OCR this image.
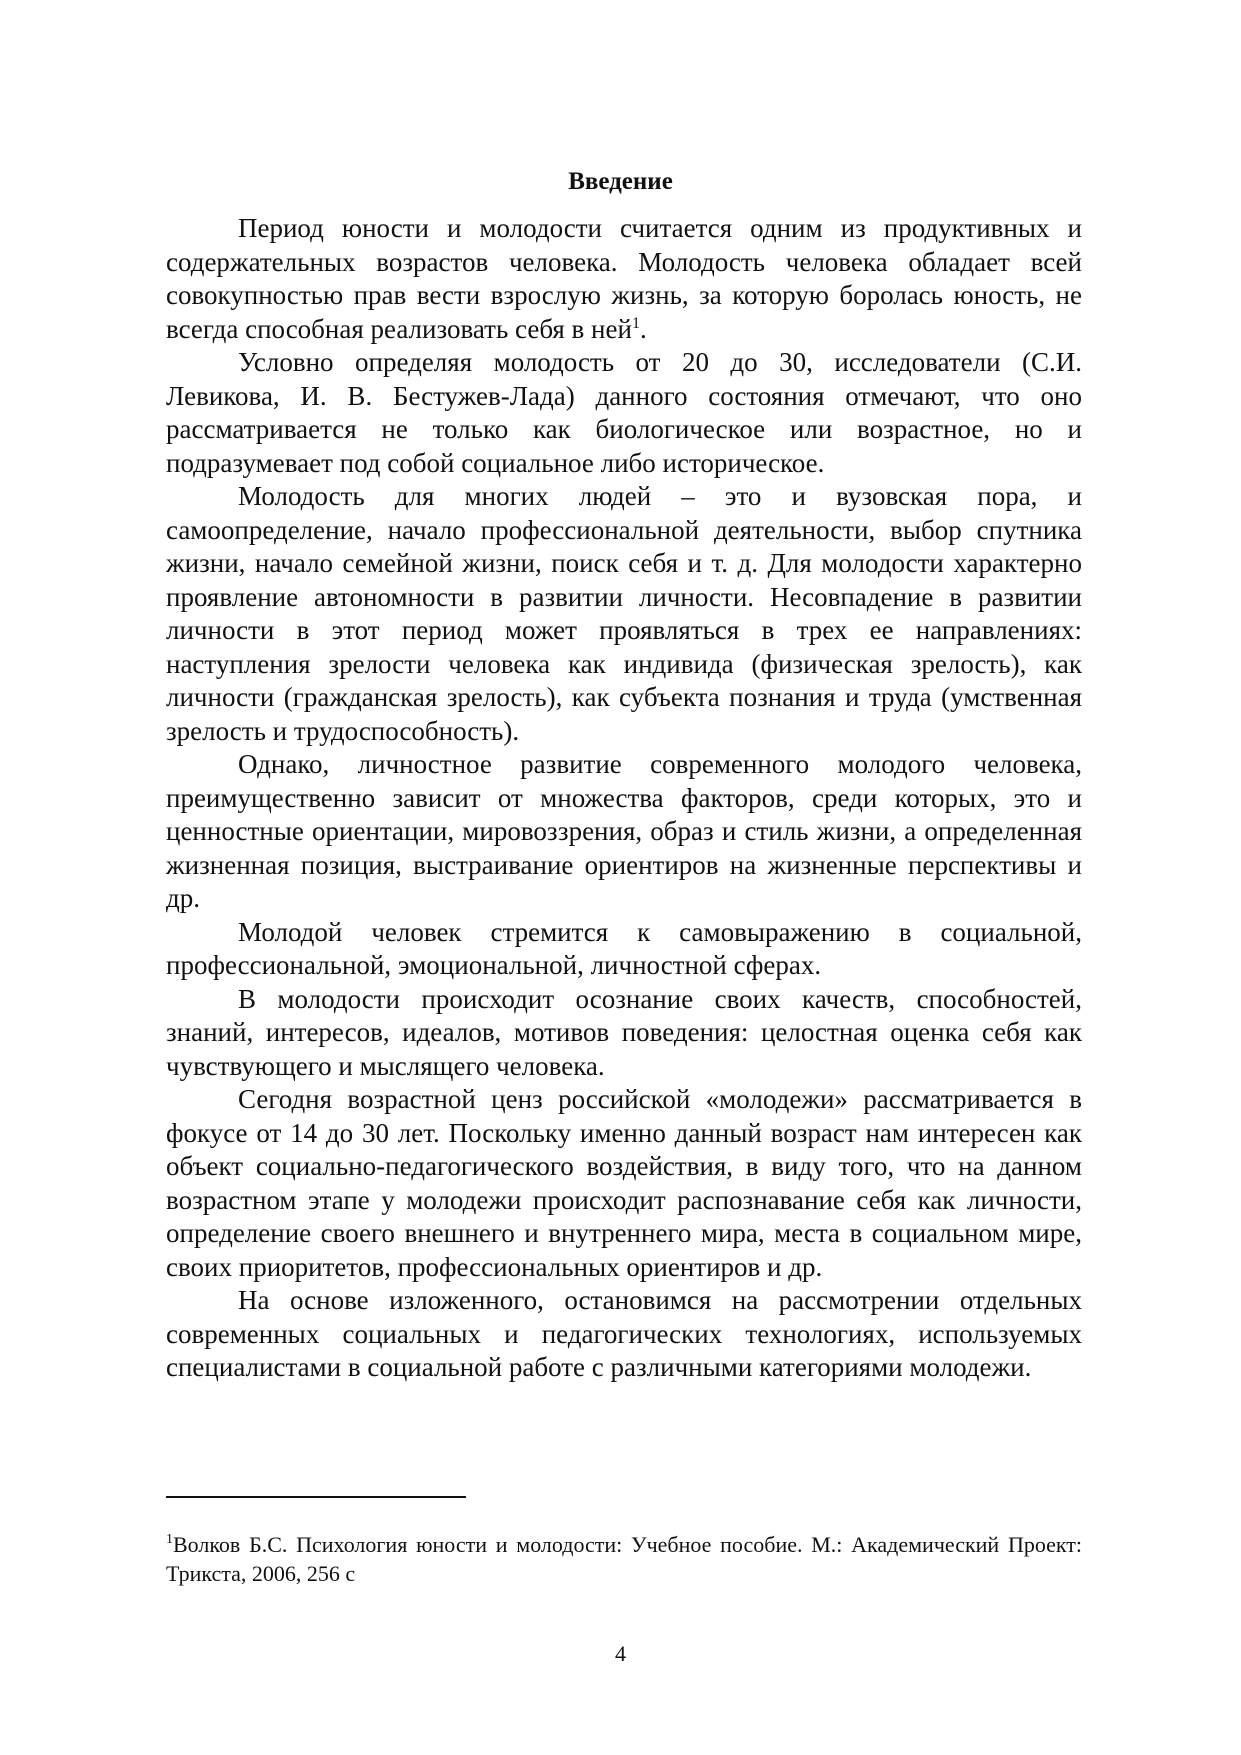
Введение

Период юности и молодости считается одним из продуктивных и содержательных возрастов человека. Молодость человека обладает всей совокупностью прав вести взрослую жизнь, за которую боролась юность, не всегда способная реализовать себя в ней$^1$.

Условно определяя молодость от 20 до 30, исследователи (С.И. Левикова, И. В. Бестужев-Лада) данного состояния отмечают, что оно рассматривается не только как биологическое или возрастное, но и подразумевает под собой социальное либо историческое.

Молодость для многих людей – это и вузовская пора, и самоопределение, начало профессиональной деятельности, выбор спутника жизни, начало семейной жизни, поиск себя и т. д. Для молодости характерно проявление автономности в развитии личности. Несовпадение в развитии личности в этот период может проявляться в трех ее направлениях: наступления зрелости человека как индивида (физическая зрелость), как личности (гражданская зрелость), как субъекта познания и труда (умственная зрелость и трудоспособность).

Однако, личностное развитие современного молодого человека, преимущественно зависит от множества факторов, среди которых, это и ценностные ориентации, мировоззрения, образ и стиль жизни, а определенная жизненная позиция, выстраивание ориентиров на жизненные перспективы и др.

Молодой человек стремится к самовыражению в социальной, профессиональной, эмоциональной, личностной сферах.

В молодости происходит осознание своих качеств, способностей, знаний, интересов, идеалов, мотивов поведения: целостная оценка себя как чувствующего и мыслящего человека.

Сегодня возрастной ценз российской «молодежи» рассматривается в фокусе от 14 до 30 лет. Поскольку именно данный возраст нам интересен как объект социально-педагогического воздействия, в виду того, что на данном возрастном этапе у молодежи происходит распознавание себя как личности, определение своего внешнего и внутреннего мира, места в социальном мире, своих приоритетов, профессиональных ориентиров и др.

На основе изложенного, остановимся на рассмотрении отдельных современных социальных и педагогических технологиях, используемых специалистами в социальной работе с различными категориями молодежи.

$^1$Волков Б.С. Психология юности и молодости: Учебное пособие. М.: Академический Проект: Трикста, 2006, 256 с

4
